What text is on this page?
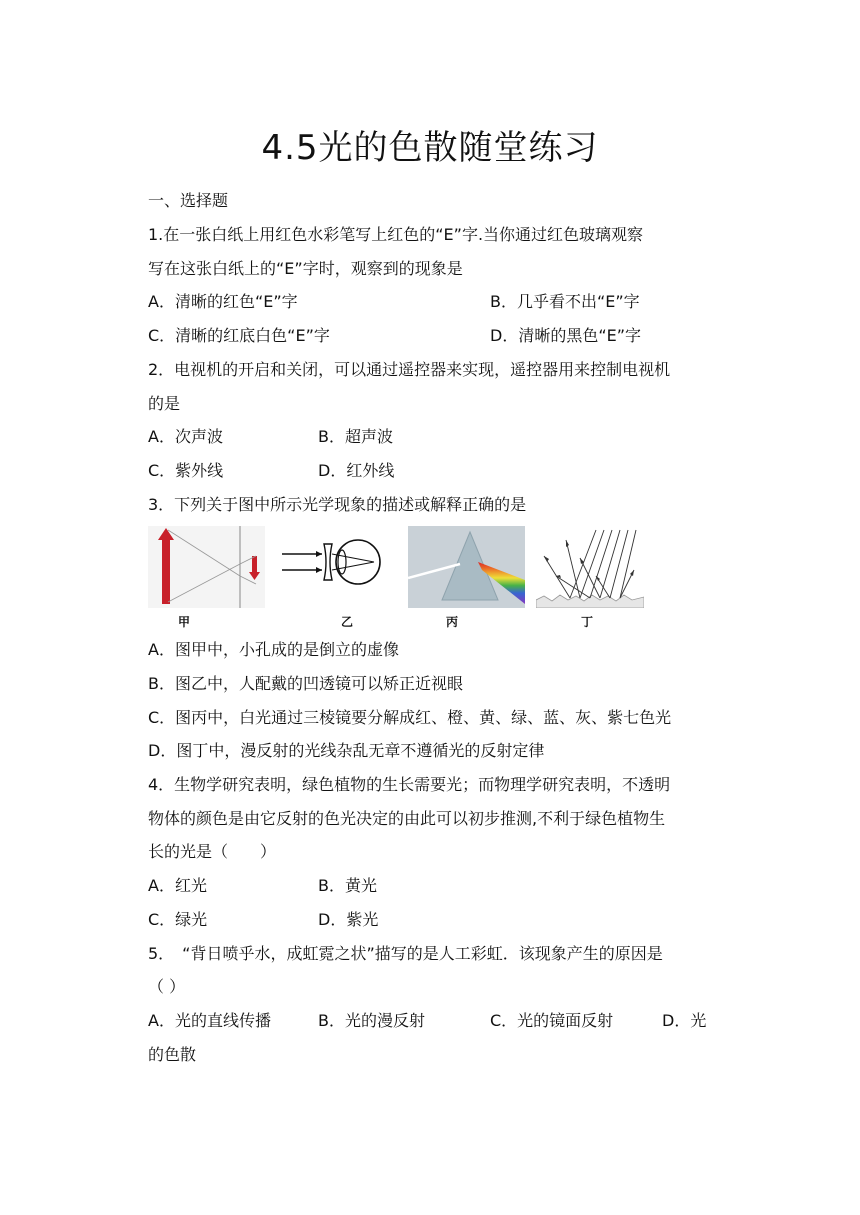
4.5光的色散随堂练习
一、选择题
1.在一张白纸上用红色水彩笔写上红色的“E”字.当你通过红色玻璃观察
写在这张白纸上的“E”字时，观察到的现象是
A．清晰的红色“E”字	B．几乎看不出“E”字
C．清晰的红底白色“E”字	D．清晰的黑色“E”字
2．电视机的开启和关闭，可以通过遥控器来实现，遥控器用来控制电视机
的是
A．次声波	B．超声波
C．紫外线	D．红外线
3．下列关于图中所示光学现象的描述或解释正确的是
甲	乙	丙	丁
A．图甲中，小孔成的是倒立的虚像
B．图乙中，人配戴的凹透镜可以矫正近视眼
C．图丙中，白光通过三棱镜要分解成红、橙、黄、绿、蓝、灰、紫七色光
D．图丁中，漫反射的光线杂乱无章不遵循光的反射定律
4．生物学研究表明，绿色植物的生长需要光；而物理学研究表明，不透明
物体的颜色是由它反射的色光决定的由此可以初步推测,不利于绿色植物生
长的光是（　　）
A．红光	B．黄光
C．绿光	D．紫光
5．　“背日喷乎水，成虹霓之状”描写的是人工彩虹．该现象产生的原因是
（ ）
A．光的直线传播	B．光的漫反射	C．光的镜面反射	D．光
的色散
